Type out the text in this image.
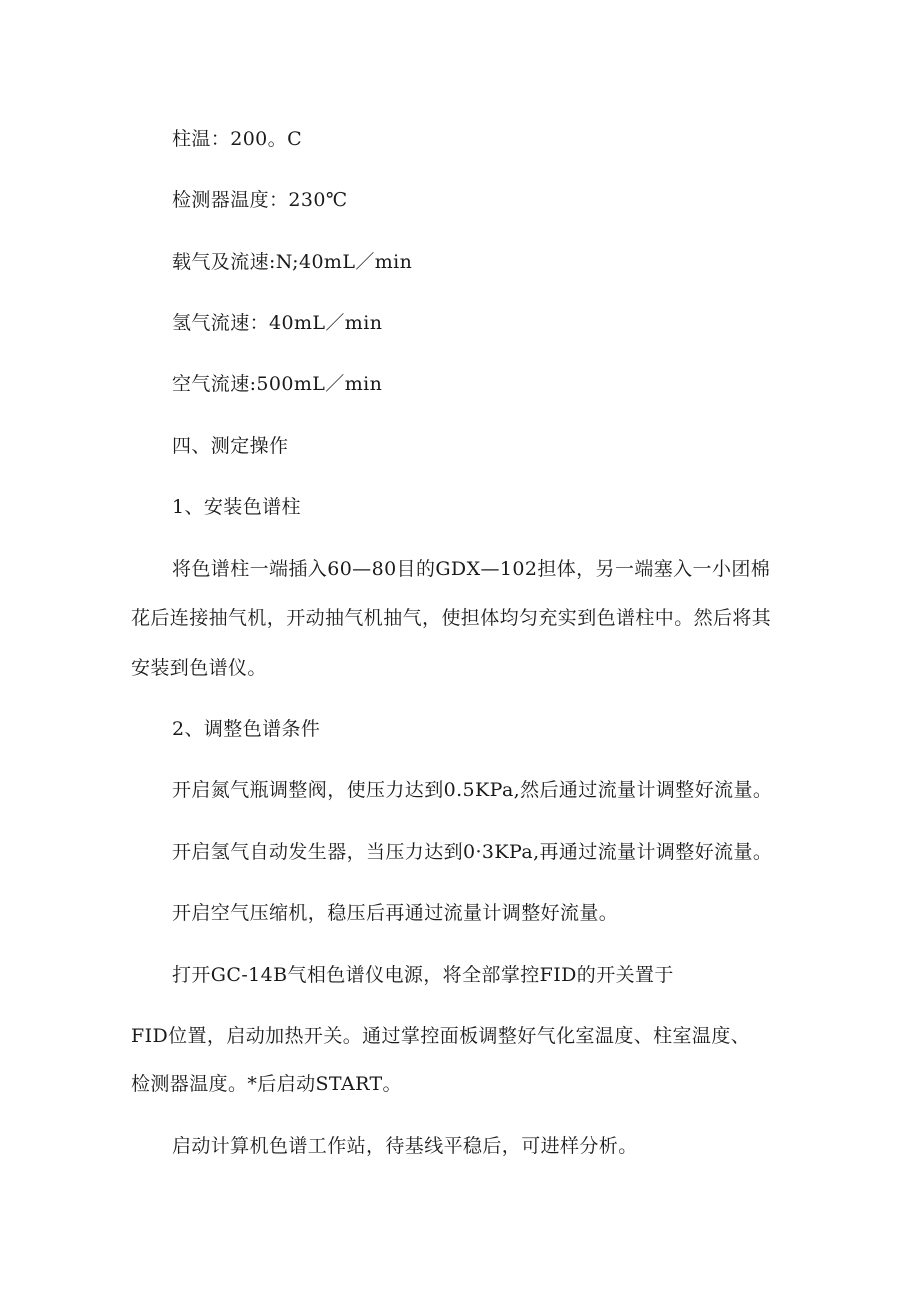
柱温：200。C
检测器温度：230℃
载气及流速:N;40mL／min
氢气流速：40mL／min
空气流速:500mL／min
四、测定操作
1、安装色谱柱
将色谱柱一端插入60—80目的GDX—102担体，另一端塞入一小团棉
花后连接抽气机，开动抽气机抽气，使担体均匀充实到色谱柱中。然后将其
安装到色谱仪。
2、调整色谱条件
开启氮气瓶调整阀，使压力达到0.5KPa,然后通过流量计调整好流量。
开启氢气自动发生器，当压力达到0·3KPa,再通过流量计调整好流量。
开启空气压缩机，稳压后再通过流量计调整好流量。
打开GC-14B气相色谱仪电源，将全部掌控FID的开关置于
FID位置，启动加热开关。通过掌控面板调整好气化室温度、柱室温度、
检测器温度。*后启动START。
启动计算机色谱工作站，待基线平稳后，可进样分析。
